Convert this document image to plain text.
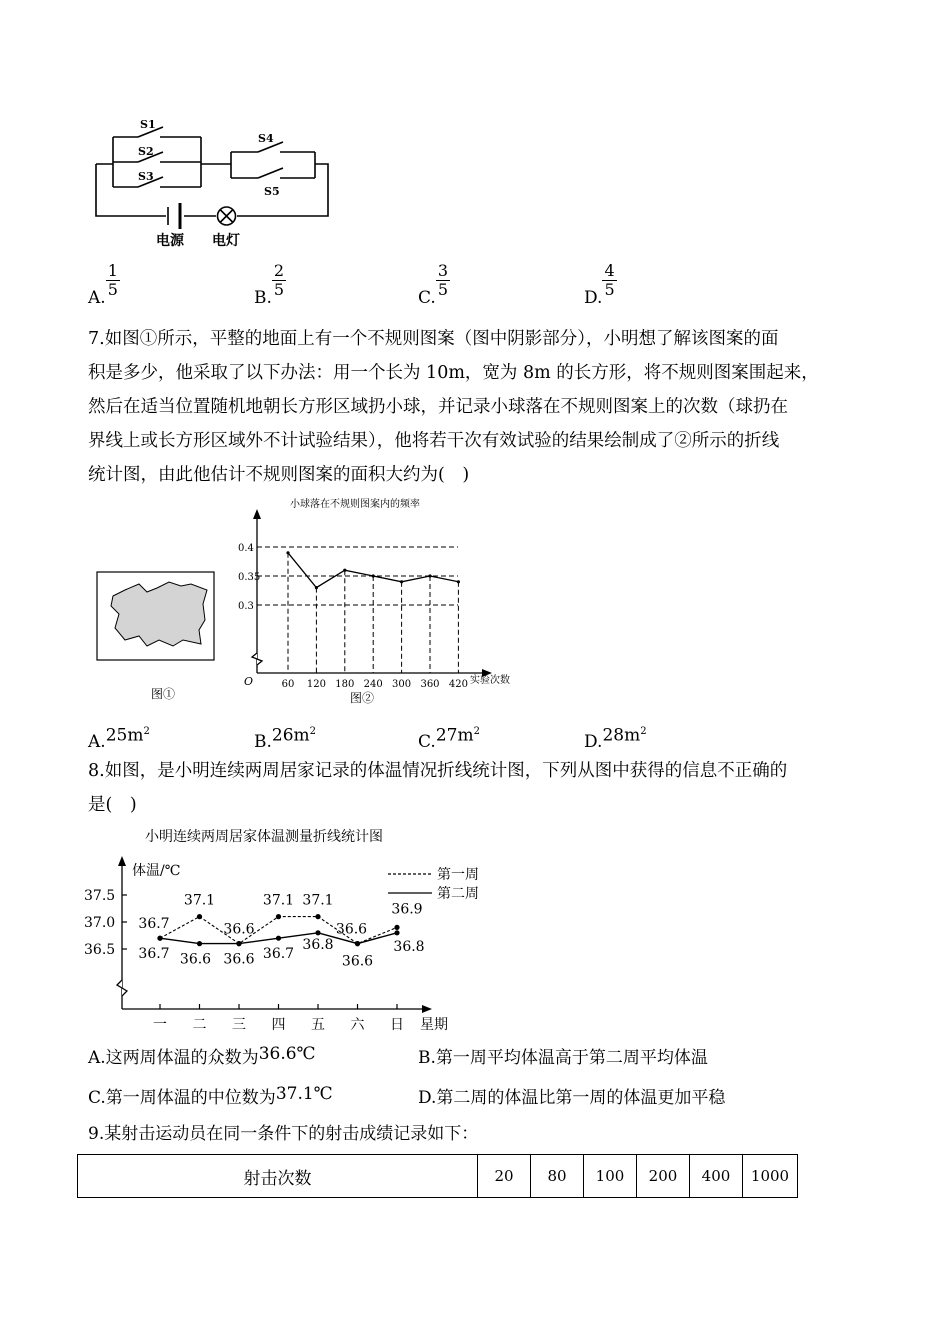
S1
S2
S3
S4
S5
电源 电灯
A. $\frac{1}{5}$	B. $\frac{2}{5}$	C. $\frac{3}{5}$	D. $\frac{4}{5}$
7.如图①所示，平整的地面上有一个不规则图案（图中阴影部分），小明想了解该图案的面
积是多少，他采取了以下办法：用一个长为 10m，宽为 8m 的长方形，将不规则图案围起来，
然后在适当位置随机地朝长方形区域扔小球，并记录小球落在不规则图案上的次数（球扔在
界线上或长方形区域外不计试验结果），他将若干次有效试验的结果绘制成了②所示的折线
统计图，由此他估计不规则图案的面积大约为(　)
图①
小球落在不规则图案内的频率
O	实验次数
图②
0.3
0.35
0.4
60 120 180 240 300 360 420
$A.25m^2$
$B.26m^2$
$C.27m^2$
$D.28m^2$
8.如图，是小明连续两周居家记录的体温情况折线统计图，下列从图中获得的信息不正确的
是(　)
小明连续两周居家体温测量折线统计图
体温/℃
星期
第一周
第二周
36.5
37.0
37.5
一 二 三 四 五 六 日
36.7
37.1
36.6
37.1 37.1
36.6
36.9
36.7 36.6 36.6 36.7
36.8
36.6
36.8
A.这两周体温的众数为36.6℃	B.第一周平均体温高于第二周平均体温
C.第一周体温的中位数为37.1℃	D.第二周的体温比第一周的体温更加平稳
9.某射击运动员在同一条件下的射击成绩记录如下：
射击次数	20	80	100	200	400	1000
